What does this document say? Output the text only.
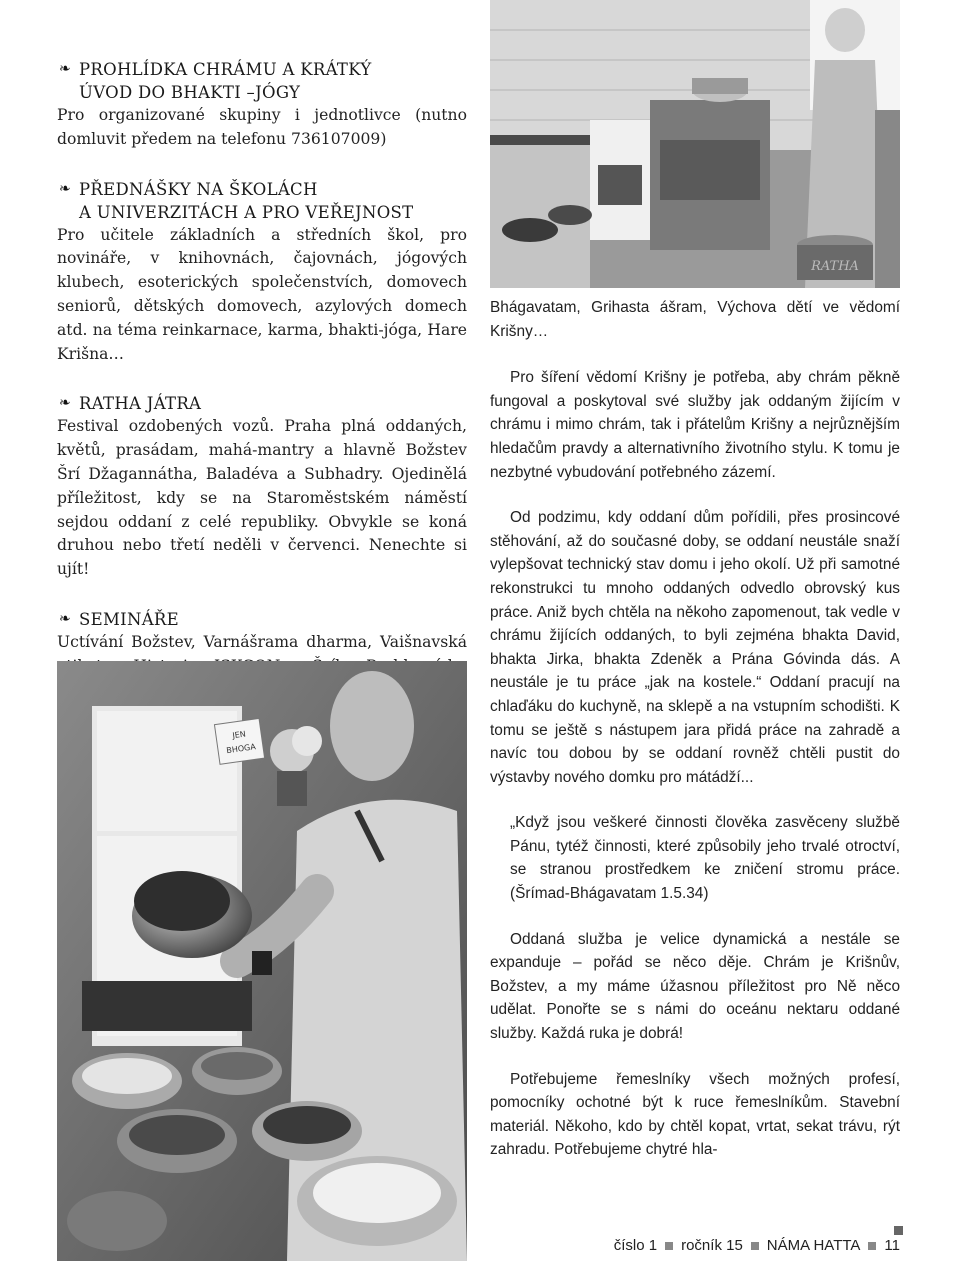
❧ PROHLÍDKA CHRÁMU A KRÁTKÝ
ÚVOD DO BHAKTI –JÓGY

Pro organizované skupiny i jednotlivce (nutno domluvit předem na telefonu 736107009)

❧ PŘEDNÁŠKY NA ŠKOLÁCH
A UNIVERZITÁCH A PRO VEŘEJNOST

Pro učitele základních a středních škol, pro novináře, v knihovnách, čajovnách, jógových klubech, esoterických společenstvích, domovech seniorů, dětských domovech, azylových domech atd. na téma reinkarnace, karma, bhakti-jóga, Hare Krišna…

❧ RATHA JÁTRA

Festival ozdobených vozů. Praha plná oddaných, květů, prasádam, mahá-mantry a hlavně Božstev Šrí Džagannátha, Baladéva a Subhadry. Ojedinělá příležitost, kdy se na Staroměstském náměstí sejdou oddaní z celé republiky. Obvykle se koná druhou nebo třetí neděli v červenci. Nenechte si ujít!

❧ SEMINÁŘE

Uctívání Božstev, Varnášrama dharma, Vaišnavská

JEN
BHOGA
RATHA

Bhágavatam, Grihasta ášram, Výchova dětí ve vědomí Krišny…

Pro šíření vědomí Krišny je potřeba, aby chrám pěkně fungoval a poskytoval své služby jak oddaným žijícím v chrámu i mimo chrám, tak i přátelům Krišny a nejrůznějším hledačům pravdy a alternativního životního stylu. K tomu je nezbytné vybudování potřebného zázemí.

Od podzimu, kdy oddaní dům pořídili, přes prosincové stěhování, až do současné doby, se oddaní neustále snaží vylepšovat technický stav domu i jeho okolí. Už při samotné rekonstrukci tu mnoho oddaných odvedlo obrovský kus práce. Aniž bych chtěla na někoho zapomenout, tak vedle v chrámu žijících oddaných, to byli zejména bhakta David, bhakta Jirka, bhakta Zdeněk a Prána Góvinda dás. A neustále je tu práce „jak na kostele.“ Oddaní pracují na chlaďáku do kuchyně, na sklepě a na vstupním schodišti. K tomu se ještě s nástupem jara přidá práce na zahradě a navíc tou dobou by se oddaní rovněž chtěli pustit do výstavby nového domku pro mátádží...

„Když jsou veškeré činnosti člověka zasvěceny službě Pánu, tytéž činnosti, které způsobily jeho trvalé otroctví, se stranou prostředkem ke zničení stromu práce. (Šrímad-Bhágavatam 1.5.34)

Oddaná služba je velice dynamická a nestále se expanduje – pořád se něco děje. Chrám je Krišnův, Božstev, a my máme úžasnou příležitost pro Ně něco udělat. Ponořte se s námi do oceánu nektaru oddané služby. Každá ruka je dobrá!

Potřebujeme řemeslníky všech možných profesí, pomocníky ochotné být k ruce řemeslníkům. Stavební materiál. Někoho, kdo by chtěl kopat, vrtat, sekat trávu, rýt zahradu. Potřebujeme chytré hla-

číslo 1 ročník 15 NÁMA HATTA 11
